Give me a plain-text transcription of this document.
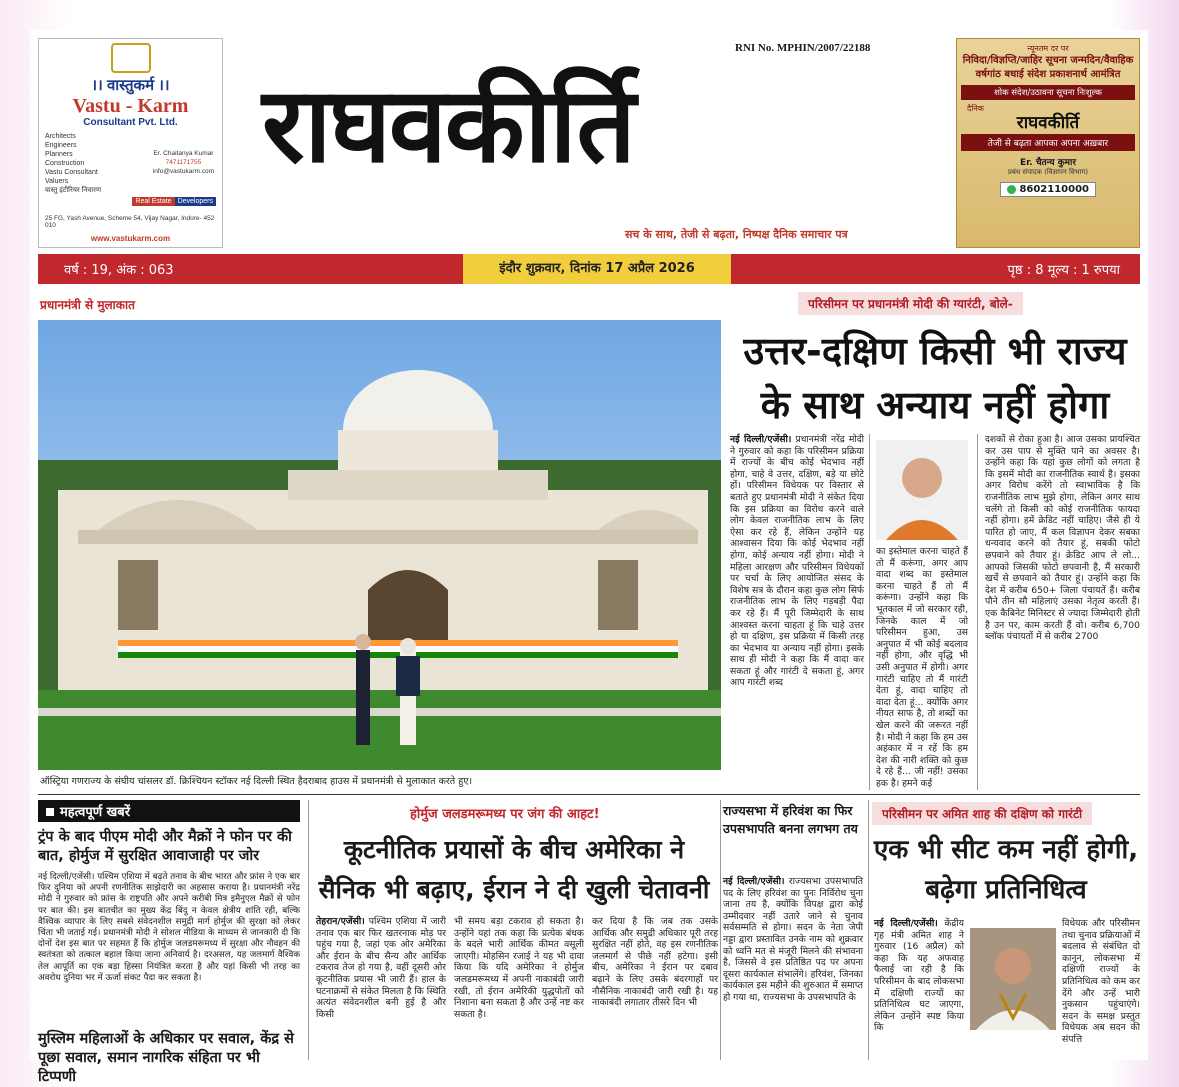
।। वास्तुकर्म ।।
Vastu - Karm
Consultant Pvt. Ltd.
Architects
Engineers
Planners
Construction
Vastu Consultant
Valuers
वास्तु इंटीरियर निवारण
Er. Chaitanya Kumar
7471171755
info@vastukarm.com
Real Estate Developers
25 FG, Yash Avenue, Scheme 54, Vijay Nagar, Indore- 452 010
www.vastukarm.com
RNI No. MPHIN/2007/22188
राघवकीर्ति
सच के साथ, तेजी से बढ़ता, निष्पक्ष दैनिक समाचार पत्र
न्यूनतम दर पर
निविदा/विज्ञप्ति/जाहिर सूचना जन्मदिन/वैवाहिक वर्षगांठ बधाई संदेश प्रकाशनार्थ आमंत्रित
शोक संदेश/उठावना सूचना निःशुल्क
दैनिक
राघवकीर्ति
तेजी से बढ़ता आपका अपना अख़बार
Er. चैतन्य कुमार
प्रबंध संपादक (विज्ञापन विभाग)
8602110000
वर्ष : 19, अंक : 063	इंदौर शुक्रवार, दिनांक 17 अप्रैल 2026	पृष्ठ : 8 मूल्य : 1 रुपया
प्रधानमंत्री से मुलाकात	परिसीमन पर प्रधानमंत्री मोदी की ग्यारंटी, बोले-
ऑस्ट्रिया गणराज्य के संघीय चांसलर डॉ. क्रिश्चियन स्टॉकर नई दिल्ली स्थित हैदराबाद हाउस में प्रधानमंत्री से मुलाकात करते हुए।
उत्तर-दक्षिण किसी भी राज्य के साथ अन्याय नहीं होगा
नई दिल्ली/एजेंसी। प्रधानमंत्री नरेंद्र मोदी ने गुरुवार को कहा कि परिसीमन प्रक्रिया में राज्यों के बीच कोई भेदभाव नहीं होगा, चाहे वे उत्तर, दक्षिण, बड़े या छोटे हों। परिसीमन विधेयक पर विस्तार से बताते हुए प्रधानमंत्री मोदी ने संकेत दिया कि इस प्रक्रिया का विरोध करने वाले लोग केवल राजनीतिक लाभ के लिए ऐसा कर रहे हैं, लेकिन उन्होंने यह आश्वासन दिया कि कोई भेदभाव नहीं होगा, कोई अन्याय नहीं होगा। मोदी ने महिला आरक्षण और परिसीमन विधेयकों पर चर्चा के लिए आयोजित संसद के विशेष सत्र के दौरान कहा कुछ लोग सिर्फ राजनीतिक लाभ के लिए गड़बड़ी पैदा कर रहे हैं। मैं पूरी जिम्मेदारी के साथ आश्वस्त करना चाहता हूं कि चाहे उत्तर हो या दक्षिण, इस प्रक्रिया में किसी तरह का भेदभाव या अन्याय नहीं होगा। इसके साथ ही मोदी ने कहा कि मैं वादा कर सकता हूं और गारंटी दे सकता हूं, अगर आप गारंटी शब्द
का इस्तेमाल करना चाहते हैं तो मैं करूंगा, अगर आप वादा शब्द का इस्तेमाल करना चाहते हैं तो मैं करूंगा। उन्होंने कहा कि भूतकाल में जो सरकार रही, जिनके काल में जो परिसीमन हुआ, उस अनुपात में भी कोई बदलाव नहीं होगा, और वृद्धि भी उसी अनुपात में होगी। अगर गारंटी चाहिए तो मैं गारंटी देता हूं, वादा चाहिए तो वादा देता हूं... क्योंकि अगर नीयत साफ है, तो शब्दों का खेल करने की जरूरत नहीं है। मोदी ने कहा कि हम उस अहंकार में न रहें कि हम देश की नारी शक्ति को कुछ दे रहे हैं... जी नहीं! उसका हक है। हमने कई
दशकों से रोका हुआ है। आज उसका प्रायश्चित कर उस पाप से मुक्ति पाने का अवसर है। उन्होंने कहा कि यहां कुछ लोगों को लगता है कि इसमें मोदी का राजनीतिक स्वार्थ है। इसका अगर विरोध करेंगे तो स्वाभाविक है कि राजनीतिक लाभ मुझे होगा, लेकिन अगर साथ चलेंगे तो किसी को कोई राजनीतिक फायदा नहीं होगा। हमें क्रेडिट नहीं चाहिए। जैसे ही ये पारित हो जाए, मैं कल विज्ञापन देकर सबका धन्यवाद करने को तैयार हूं, सबकी फोटो छपवाने को तैयार हूं। क्रेडिट आप ले लो... आपको जिसकी फोटो छपवानी है, मैं सरकारी खर्चे से छपवाने को तैयार हूं। उन्होंने कहा कि देश में करीब 650+ जिला पंचायतें हैं। करीब पौने तीन सौ महिलाएं उसका नेतृत्व करती हैं। एक कैबिनेट मिनिस्टर से ज्यादा जिम्मेदारी होती है उन पर, काम करती हैं वो। करीब 6,700 ब्लॉक पंचायतों में से करीब 2700
महत्वपूर्ण खबरें
ट्रंप के बाद पीएम मोदी और मैक्रों ने फोन पर की बात, होर्मुज में सुरक्षित आवाजाही पर जोर
नई दिल्ली/एजेंसी। पश्चिम एशिया में बढ़ते तनाव के बीच भारत और फ्रांस ने एक बार फिर दुनिया को अपनी रणनीतिक साझेदारी का अहसास कराया है। प्रधानमंत्री नरेंद्र मोदी ने गुरुवार को फ्रांस के राष्ट्रपति और अपने करीबी मित्र इमैनुएल मैक्रों से फोन पर बात की। इस बातचीत का मुख्य केंद्र बिंदु न केवल क्षेत्रीय शांति रही, बल्कि वैश्विक व्यापार के लिए सबसे संवेदनशील समुद्री मार्ग होर्मुज की सुरक्षा को लेकर चिंता भी जताई गई। प्रधानमंत्री मोदी ने सोशल मीडिया के माध्यम से जानकारी दी कि दोनों देश इस बात पर सहमत हैं कि होर्मुज जलडमरूमध्य में सुरक्षा और नौवहन की स्वतंत्रता को तत्काल बहाल किया जाना अनिवार्य है। दरअसल, यह जलमार्ग वैश्विक तेल आपूर्ति का एक बड़ा हिस्सा नियंत्रित करता है और यहां किसी भी तरह का अवरोध दुनिया भर में ऊर्जा संकट पैदा कर सकता है।
मुस्लिम महिलाओं के अधिकार पर सवाल, केंद्र से पूछा सवाल, समान नागरिक संहिता पर भी टिप्पणी
होर्मुज जलडमरूमध्य पर जंग की आहट!
कूटनीतिक प्रयासों के बीच अमेरिका ने सैनिक भी बढ़ाए, ईरान ने दी खुली चेतावनी
तेहरान/एजेंसी। पश्चिम एशिया में जारी तनाव एक बार फिर खतरनाक मोड़ पर पहुंच गया है, जहां एक ओर अमेरिका और ईरान के बीच सैन्य और आर्थिक टकराव तेज हो गया है, वहीं दूसरी ओर कूटनीतिक प्रयास भी जारी हैं। हाल के घटनाक्रमों से संकेत मिलता है कि स्थिति अत्यंत संवेदनशील बनी हुई है और किसी
भी समय बड़ा टकराव हो सकता है। उन्होंने यहां तक कहा कि प्रत्येक बंधक के बदले भारी आर्थिक कीमत वसूली जाएगी। मोहसिन रजाई ने यह भी दावा किया कि यदि अमेरिका ने होर्मुज जलडमरूमध्य में अपनी नाकाबंदी जारी रखी, तो ईरान अमेरिकी युद्धपोतों को निशाना बना सकता है और उन्हें नष्ट कर सकता है।
कर दिया है कि जब तक उसके आर्थिक और समुद्री अधिकार पूरी तरह सुरक्षित नहीं होते, वह इस रणनीतिक जलमार्ग से पीछे नहीं हटेगा। इसी बीच, अमेरिका ने ईरान पर दबाव बढ़ाने के लिए उसके बंदरगाहों पर नौसैनिक नाकाबंदी जारी रखी है। यह नाकाबंदी लगातार तीसरे दिन भी
राज्यसभा में हरिवंश का फिर उपसभापति बनना लगभग तय
नई दिल्ली/एजेंसी। राज्यसभा उपसभापति पद के लिए हरिवंश का पुनः निर्विरोध चुना जाना तय है, क्योंकि विपक्ष द्वारा कोई उम्मीदवार नहीं उतारे जाने से चुनाव सर्वसम्मति से होगा। सदन के नेता जेपी नड्डा द्वारा प्रस्तावित उनके नाम को शुक्रवार को ध्वनि मत से मंजूरी मिलने की संभावना है, जिससे वे इस प्रतिष्ठित पद पर अपना दूसरा कार्यकाल संभालेंगे। हरिवंश, जिनका कार्यकाल इस महीने की शुरुआत में समाप्त हो गया था, राज्यसभा के उपसभापति के
परिसीमन पर अमित शाह की दक्षिण को गारंटी
एक भी सीट कम नहीं होगी, बढ़ेगा प्रतिनिधित्व
नई दिल्ली/एजेंसी। केंद्रीय गृह मंत्री अमित शाह ने गुरुवार (16 अप्रैल) को कहा कि यह अफवाह फैलाई जा रही है कि परिसीमन के बाद लोकसभा में दक्षिणी राज्यों का प्रतिनिधित्व घट जाएगा, लेकिन उन्होंने स्पष्ट किया कि
विधेयक और परिसीमन तथा चुनाव प्रक्रियाओं में बदलाव से संबंधित दो कानून, लोकसभा में दक्षिणी राज्यों के प्रतिनिधित्व को कम कर देंगे और उन्हें भारी नुकसान पहुंचाएंगे। सदन के समक्ष प्रस्तुत विधेयक अब सदन की संपत्ति
